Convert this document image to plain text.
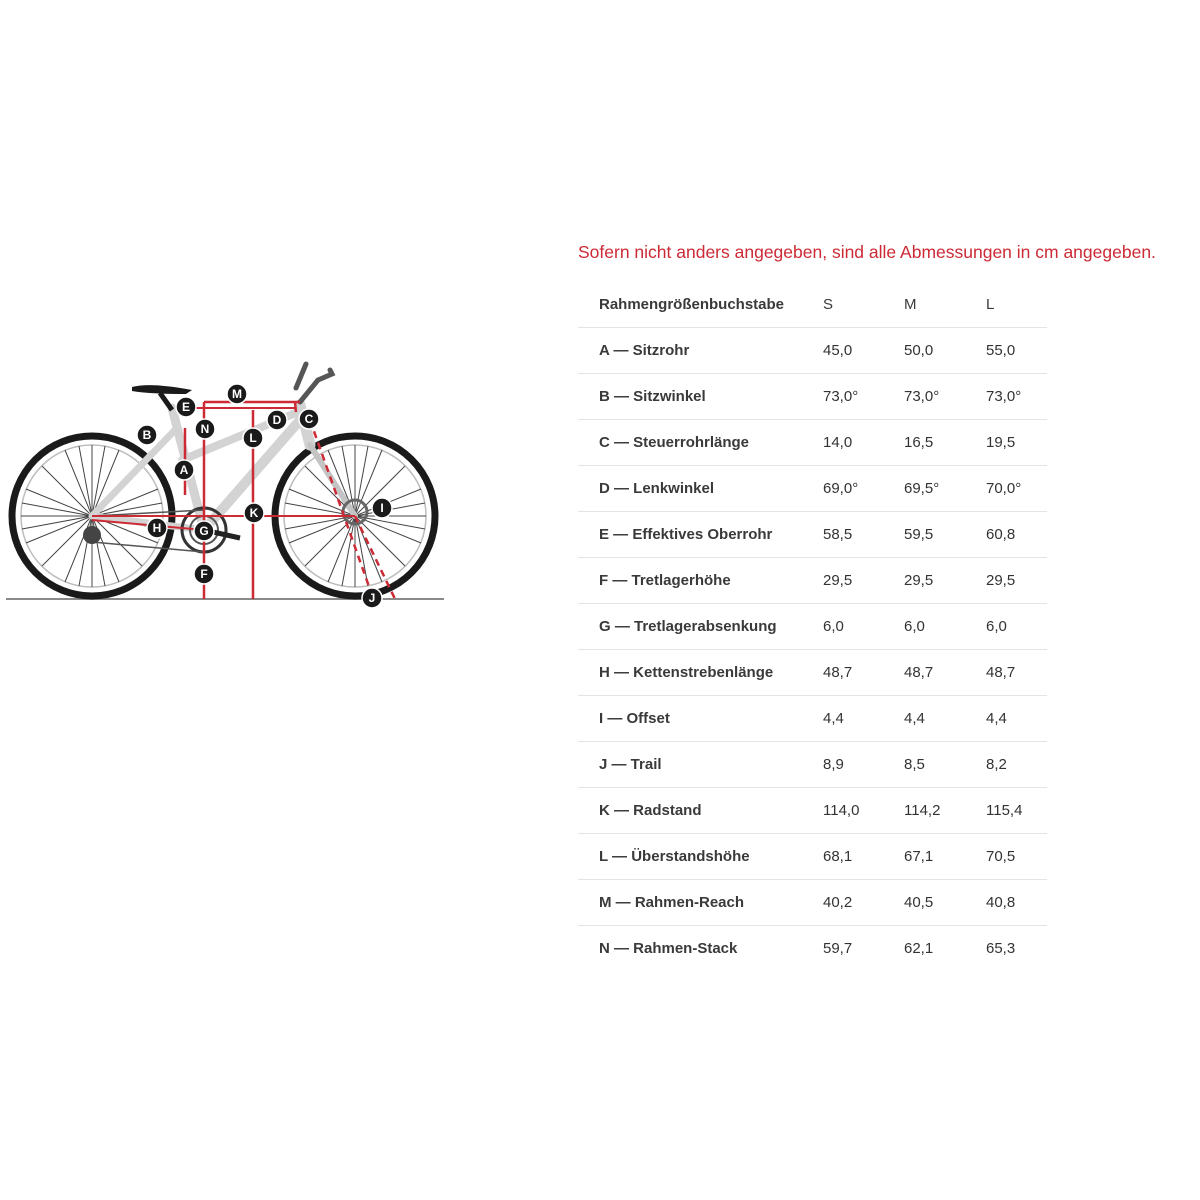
M
E
D C
B	N
L
A
K	I
H	G
F
J

Sofern nicht anders angegeben, sind alle Abmessungen in cm angegeben.

Rahmengrößenbuchstabe	S	M	L
A — Sitzrohr	45,0	50,0	55,0
B — Sitzwinkel	73,0°	73,0°	73,0°
C — Steuerrohrlänge	14,0	16,5	19,5
D — Lenkwinkel	69,0°	69,5°	70,0°
E — Effektives Oberrohr	58,5	59,5	60,8
F — Tretlagerhöhe	29,5	29,5	29,5
G — Tretlagerabsenkung	6,0	6,0	6,0
H — Kettenstrebenlänge	48,7	48,7	48,7
I — Offset	4,4	4,4	4,4
J — Trail	8,9	8,5	8,2
K — Radstand	114,0	114,2	115,4
L — Überstandshöhe	68,1	67,1	70,5
M — Rahmen-Reach	40,2	40,5	40,8
N — Rahmen-Stack	59,7	62,1	65,3
